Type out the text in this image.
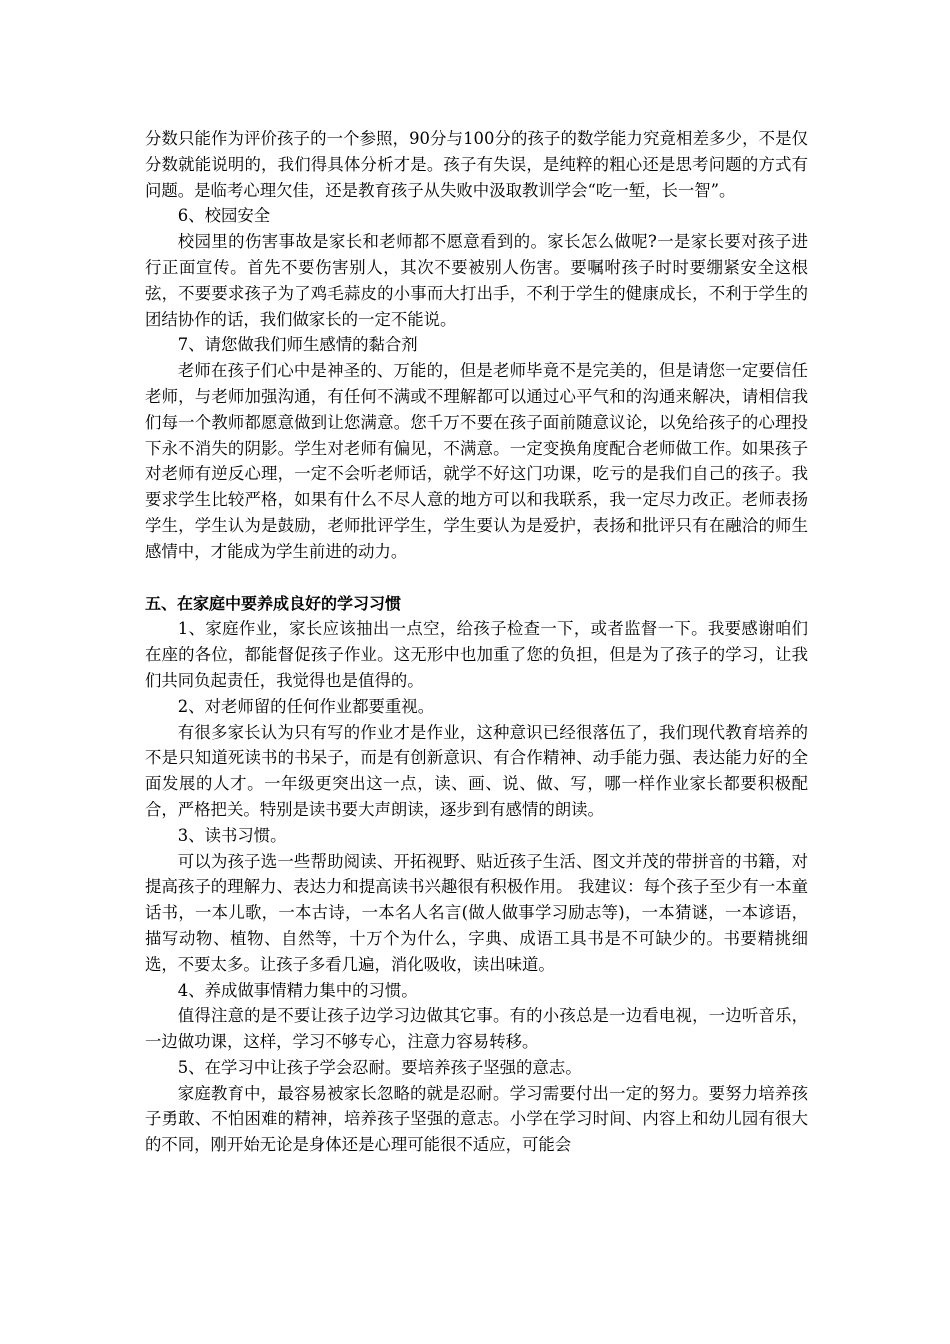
分数只能作为评价孩子的一个参照，90分与100分的孩子的数学能力究竟相差多少，不是仅分数就能说明的，我们得具体分析才是。孩子有失误，是纯粹的粗心还是思考问题的方式有问题。是临考心理欠佳，还是教育孩子从失败中汲取教训学会“吃一堑，长一智”。

6、校园安全

校园里的伤害事故是家长和老师都不愿意看到的。家长怎么做呢?一是家长要对孩子进行正面宣传。首先不要伤害别人，其次不要被别人伤害。要嘱咐孩子时时要绷紧安全这根弦，不要要求孩子为了鸡毛蒜皮的小事而大打出手，不利于学生的健康成长，不利于学生的团结协作的话，我们做家长的一定不能说。

7、请您做我们师生感情的黏合剂

老师在孩子们心中是神圣的、万能的，但是老师毕竟不是完美的，但是请您一定要信任老师，与老师加强沟通，有任何不满或不理解都可以通过心平气和的沟通来解决，请相信我们每一个教师都愿意做到让您满意。您千万不要在孩子面前随意议论，以免给孩子的心理投下永不消失的阴影。学生对老师有偏见，不满意。一定变换角度配合老师做工作。如果孩子对老师有逆反心理，一定不会听老师话，就学不好这门功课，吃亏的是我们自己的孩子。我要求学生比较严格，如果有什么不尽人意的地方可以和我联系，我一定尽力改正。老师表扬学生，学生认为是鼓励，老师批评学生，学生要认为是爱护，表扬和批评只有在融洽的师生感情中，才能成为学生前进的动力。

五、在家庭中要养成良好的学习习惯

1、家庭作业，家长应该抽出一点空，给孩子检查一下，或者监督一下。我要感谢咱们在座的各位，都能督促孩子作业。这无形中也加重了您的负担，但是为了孩子的学习，让我们共同负起责任，我觉得也是值得的。

2、对老师留的任何作业都要重视。

有很多家长认为只有写的作业才是作业，这种意识已经很落伍了，我们现代教育培养的不是只知道死读书的书呆子，而是有创新意识、有合作精神、动手能力强、表达能力好的全面发展的人才。一年级更突出这一点，读、画、说、做、写，哪一样作业家长都要积极配合，严格把关。特别是读书要大声朗读，逐步到有感情的朗读。

3、读书习惯。

可以为孩子选一些帮助阅读、开拓视野、贴近孩子生活、图文并茂的带拼音的书籍，对提高孩子的理解力、表达力和提高读书兴趣很有积极作用。 我建议：每个孩子至少有一本童话书，一本儿歌，一本古诗，一本名人名言(做人做事学习励志等)，一本猜谜，一本谚语，描写动物、植物、自然等，十万个为什么，字典、成语工具书是不可缺少的。书要精挑细选，不要太多。让孩子多看几遍，消化吸收，读出味道。

4、养成做事情精力集中的习惯。

值得注意的是不要让孩子边学习边做其它事。有的小孩总是一边看电视，一边听音乐，一边做功课，这样，学习不够专心，注意力容易转移。

5、在学习中让孩子学会忍耐。要培养孩子坚强的意志。

家庭教育中，最容易被家长忽略的就是忍耐。学习需要付出一定的努力。要努力培养孩子勇敢、不怕困难的精神，培养孩子坚强的意志。小学在学习时间、内容上和幼儿园有很大的不同，刚开始无论是身体还是心理可能很不适应，可能会
